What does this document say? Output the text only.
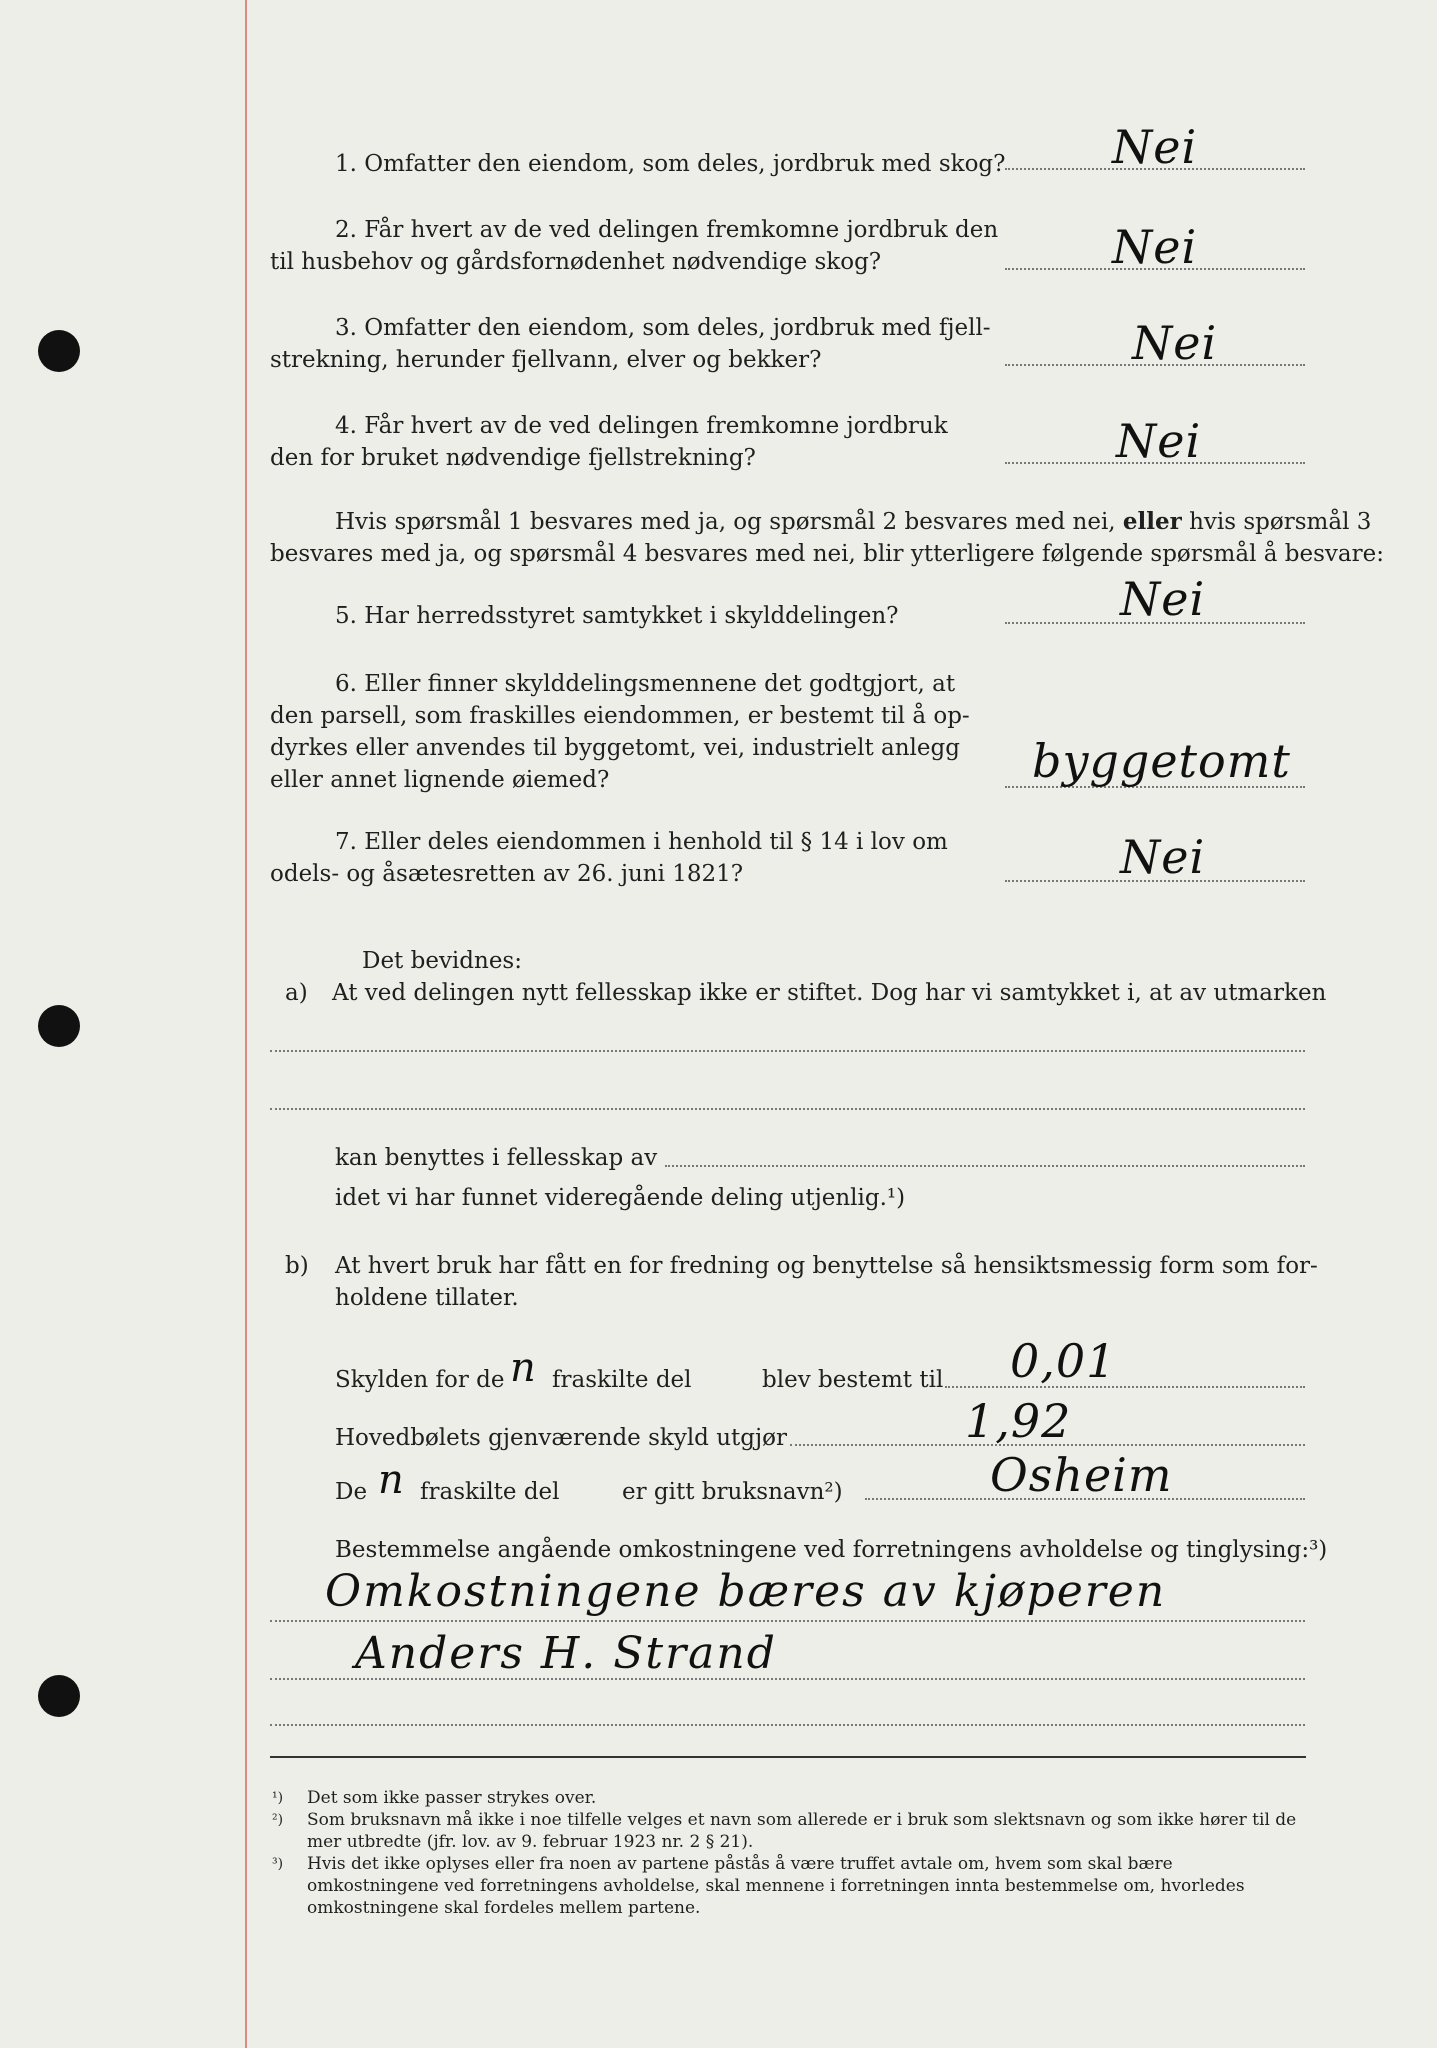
1. Omfatter den eiendom, som deles, jordbruk med skog? Nei
2. Får hvert av de ved delingen fremkomne jordbruk den
til husbehov og gårdsfornødenhet nødvendige skog?	Nei
3. Omfatter den eiendom, som deles, jordbruk med fjell-
strekning, herunder fjellvann, elver og bekker?	Nei
4. Får hvert av de ved delingen fremkomne jordbruk
den for bruket nødvendige fjellstrekning?	Nei
Hvis spørsmål 1 besvares med ja, og spørsmål 2 besvares med nei, eller hvis spørsmål 3
besvares med ja, og spørsmål 4 besvares med nei, blir ytterligere følgende spørsmål å besvare:
5. Har herredsstyret samtykket i skylddelingen?	Nei
6. Eller finner skylddelingsmennene det godtgjort, at
den parsell, som fraskilles eiendommen, er bestemt til å op-
dyrkes eller anvendes til byggetomt, vei, industrielt anlegg
eller annet lignende øiemed?	byggetomt
7. Eller deles eiendommen i henhold til § 14 i lov om
odels- og åsætesretten av 26. juni 1821?	Nei
Det bevidnes:
a) At ved delingen nytt fellesskap ikke er stiftet. Dog har vi samtykket i, at av utmarken
kan benyttes i fellesskap av
idet vi har funnet videregående deling utjenlig.¹)
b) At hvert bruk har fått en for fredning og benyttelse så hensiktsmessig form som for-
holdene tillater.
Skylden for de n fraskilte del	blev bestemt til 0,01
Hovedbølets gjenværende skyld utgjør	1,92
De n fraskilte del	er gitt bruksnavn²)	Osheim
Bestemmelse angående omkostningene ved forretningens avholdelse og tinglysing:³)
Omkostningene bæres av kjøperen
Anders H. Strand
¹) Det som ikke passer strykes over.
²) Som bruksnavn må ikke i noe tilfelle velges et navn som allerede er i bruk som slektsnavn og som ikke hører til de mer utbredte (jfr. lov. av 9. februar 1923 nr. 2 § 21).
³) Hvis det ikke oplyses eller fra noen av partene påstås å være truffet avtale om, hvem som skal bære omkostningene ved forretningens avholdelse, skal mennene i forretningen innta bestemmelse om, hvorledes omkostningene skal fordeles mellem partene.
